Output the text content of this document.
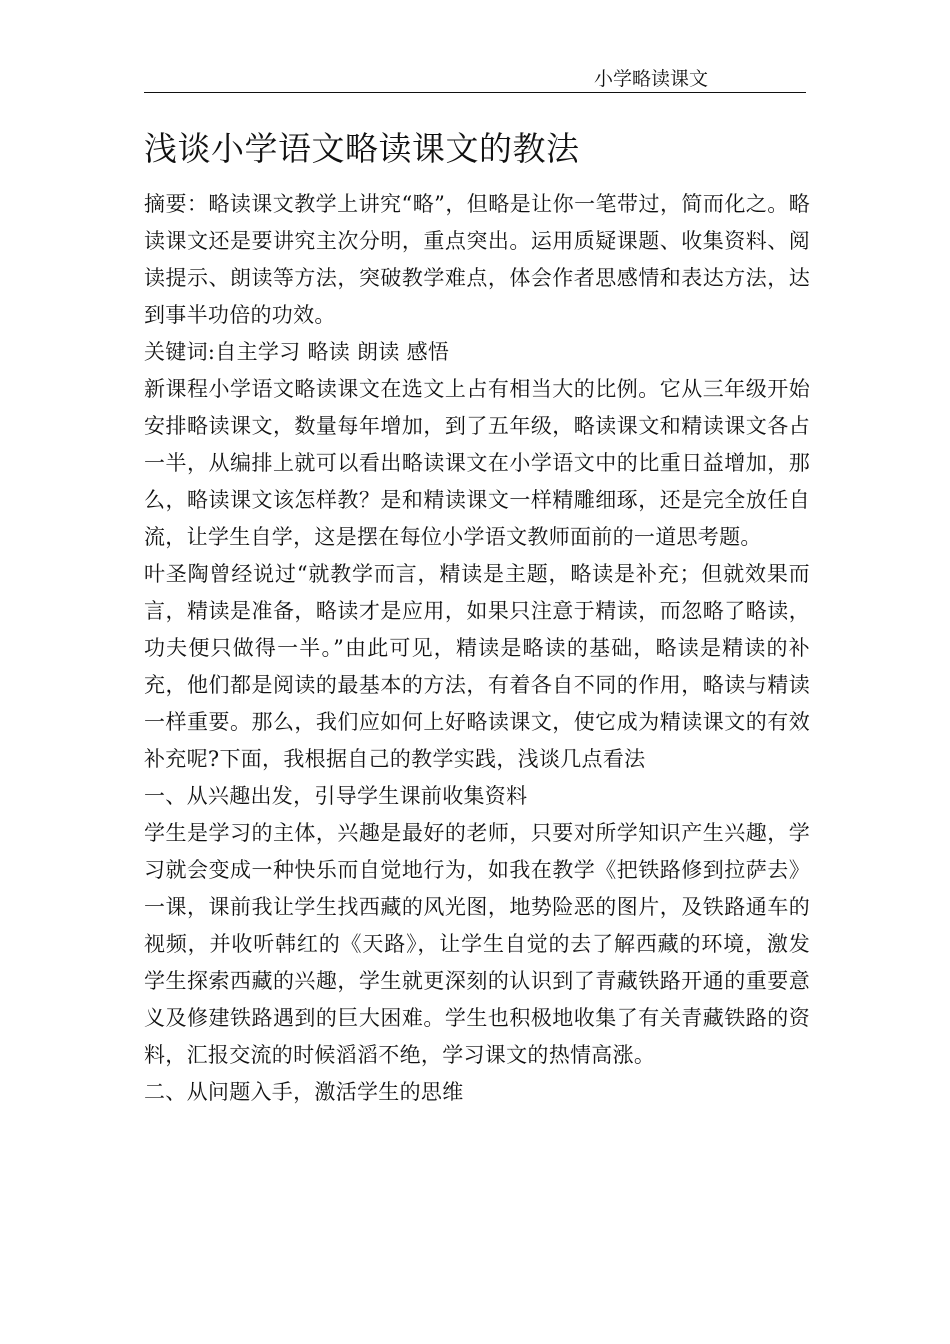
小学略读课文
浅谈小学语文略读课文的教法

摘要：略读课文教学上讲究“略”，但略是让你一笔带过，简而化之。略读课文还是要讲究主次分明，重点突出。运用质疑课题、收集资料、阅读提示、朗读等方法，突破教学难点，体会作者思感情和表达方法，达到事半功倍的功效。

关键词:自主学习 略读 朗读 感悟

新课程小学语文略读课文在选文上占有相当大的比例。它从三年级开始安排略读课文，数量每年增加，到了五年级，略读课文和精读课文各占一半，从编排上就可以看出略读课文在小学语文中的比重日益增加，那么，略读课文该怎样教？是和精读课文一样精雕细琢，还是完全放任自流，让学生自学，这是摆在每位小学语文教师面前的一道思考题。

叶圣陶曾经说过“就教学而言，精读是主题，略读是补充；但就效果而言，精读是准备，略读才是应用，如果只注意于精读，而忽略了略读，功夫便只做得一半。”由此可见，精读是略读的基础，略读是精读的补充，他们都是阅读的最基本的方法，有着各自不同的作用，略读与精读一样重要。那么，我们应如何上好略读课文，使它成为精读课文的有效补充呢?下面，我根据自己的教学实践，浅谈几点看法

一、从兴趣出发，引导学生课前收集资料

学生是学习的主体，兴趣是最好的老师，只要对所学知识产生兴趣，学习就会变成一种快乐而自觉地行为，如我在教学《把铁路修到拉萨去》一课，课前我让学生找西藏的风光图，地势险恶的图片，及铁路通车的视频，并收听韩红的《天路》，让学生自觉的去了解西藏的环境，激发学生探索西藏的兴趣，学生就更深刻的认识到了青藏铁路开通的重要意义及修建铁路遇到的巨大困难。学生也积极地收集了有关青藏铁路的资料，汇报交流的时候滔滔不绝，学习课文的热情高涨。

二、从问题入手，激活学生的思维
